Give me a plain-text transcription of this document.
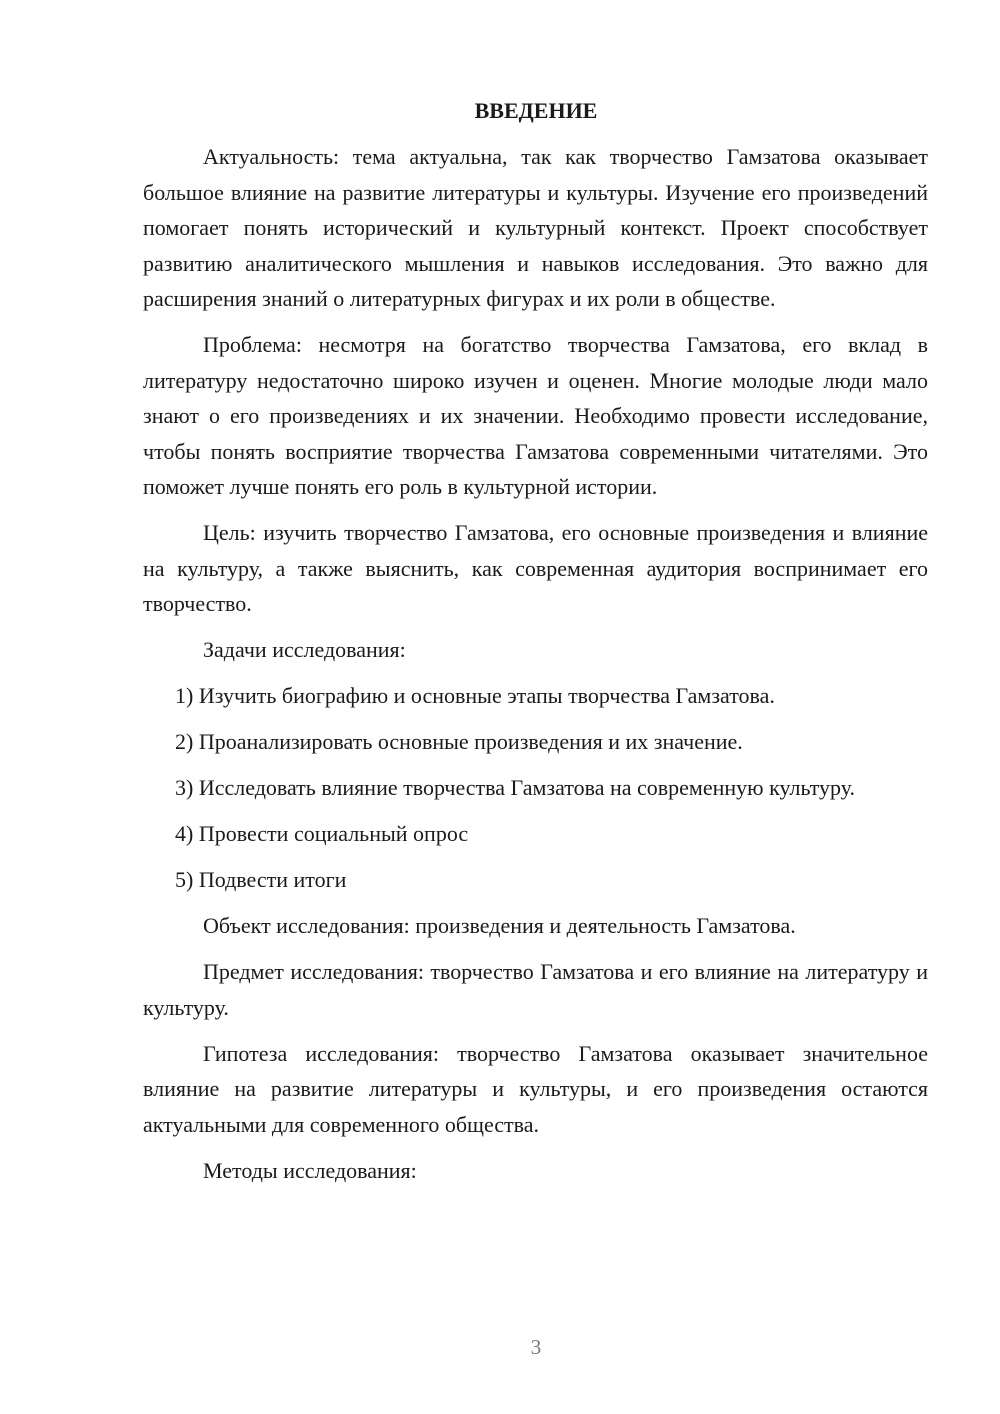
ВВЕДЕНИЕ

Актуальность: тема актуальна, так как творчество Гамзатова оказывает большое влияние на развитие литературы и культуры. Изучение его произведений помогает понять исторический и культурный контекст. Проект способствует развитию аналитического мышления и навыков исследования. Это важно для расширения знаний о литературных фигурах и их роли в обществе.

Проблема: несмотря на богатство творчества Гамзатова, его вклад в литературу недостаточно широко изучен и оценен. Многие молодые люди мало знают о его произведениях и их значении. Необходимо провести исследование, чтобы понять восприятие творчества Гамзатова современными читателями. Это поможет лучше понять его роль в культурной истории.

Цель: изучить творчество Гамзатова, его основные произведения и влияние на культуру, а также выяснить, как современная аудитория воспринимает его творчество.

Задачи исследования:

1) Изучить биографию и основные этапы творчества Гамзатова.

2) Проанализировать основные произведения и их значение.

3) Исследовать влияние творчества Гамзатова на современную культуру.

4) Провести социальный опрос

5) Подвести итоги

Объект исследования: произведения и деятельность Гамзатова.

Предмет исследования: творчество Гамзатова и его влияние на литературу и культуру.

Гипотеза исследования: творчество Гамзатова оказывает значительное влияние на развитие литературы и культуры, и его произведения остаются актуальными для современного общества.

Методы исследования:

3
